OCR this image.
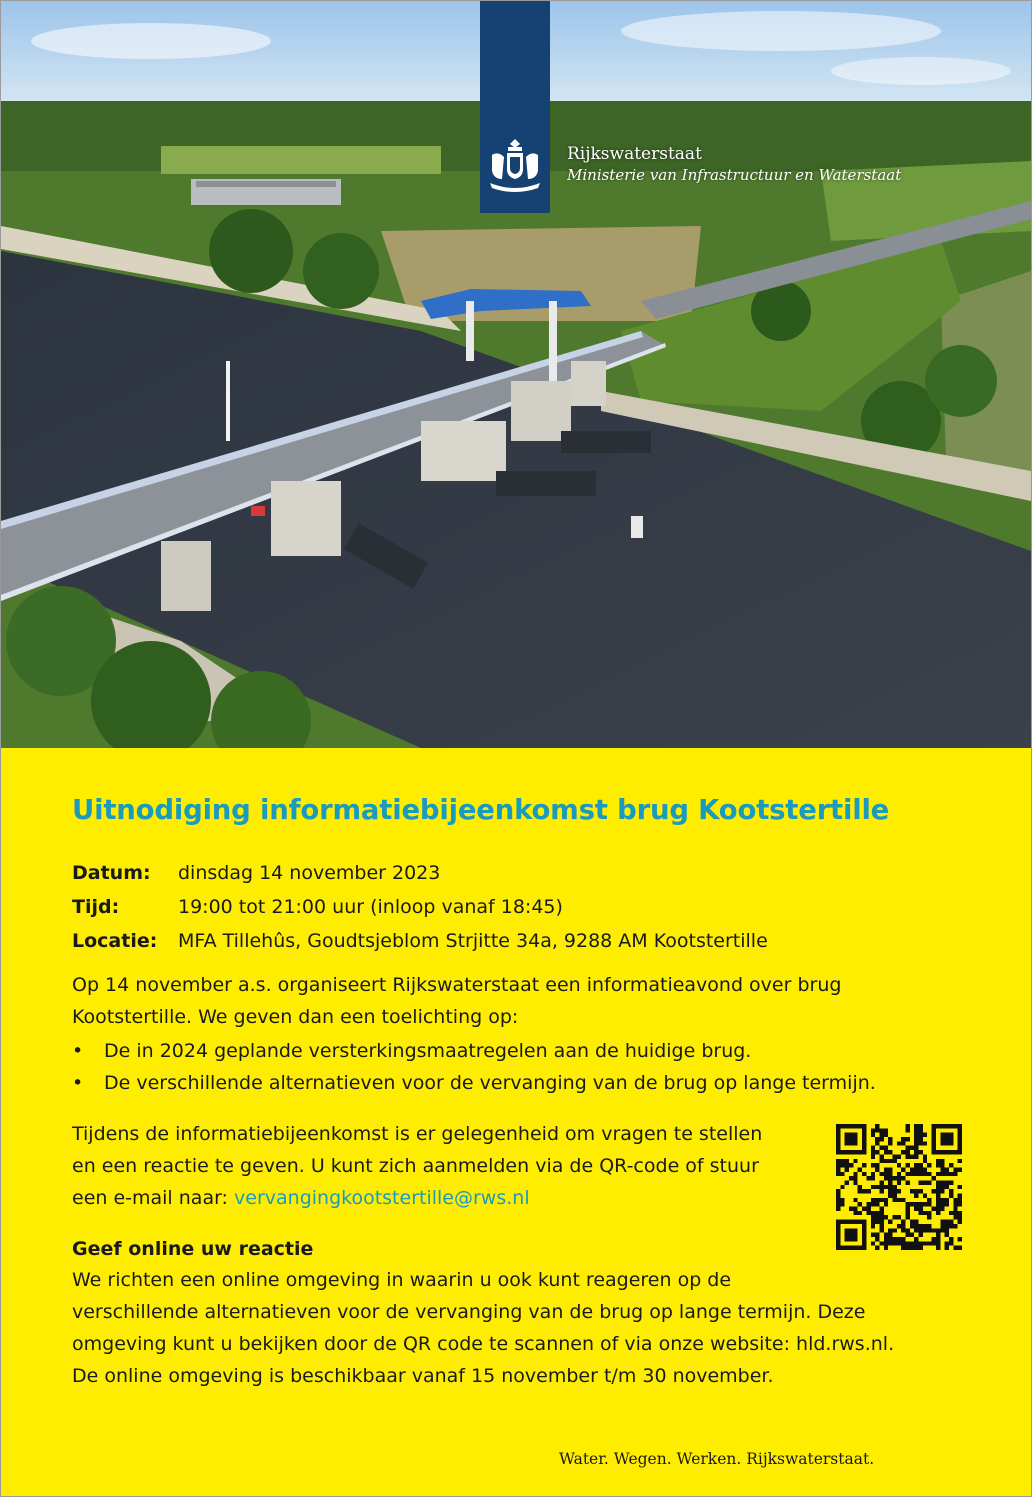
Rijkswaterstaat
Ministerie van Infrastructuur en Waterstaat
Uitnodiging informatiebijeenkomst brug Kootstertille
Datum: dinsdag 14 november 2023
Tijd:	19:00 tot 21:00 uur (inloop vanaf 18:45)
Locatie: MFA Tillehûs, Goudtsjeblom Strjitte 34a, 9288 AM Kootstertille
Op 14 november a.s. organiseert Rijkswaterstaat een informatieavond over brug
Kootstertille. We geven dan een toelichting op:
• De in 2024 geplande versterkingsmaatregelen aan de huidige brug.
• De verschillende alternatieven voor de vervanging van de brug op lange termijn.
Tijdens de informatiebijeenkomst is er gelegenheid om vragen te stellen
en een reactie te geven. U kunt zich aanmelden via de QR-code of stuur
een e-mail naar: vervangingkootstertille@rws.nl
Geef online uw reactie
We richten een online omgeving in waarin u ook kunt reageren op de
verschillende alternatieven voor de vervanging van de brug op lange termijn. Deze
omgeving kunt u bekijken door de QR code te scannen of via onze website: hld.rws.nl.
De online omgeving is beschikbaar vanaf 15 november t/m 30 november.
Water. Wegen. Werken. Rijkswaterstaat.
